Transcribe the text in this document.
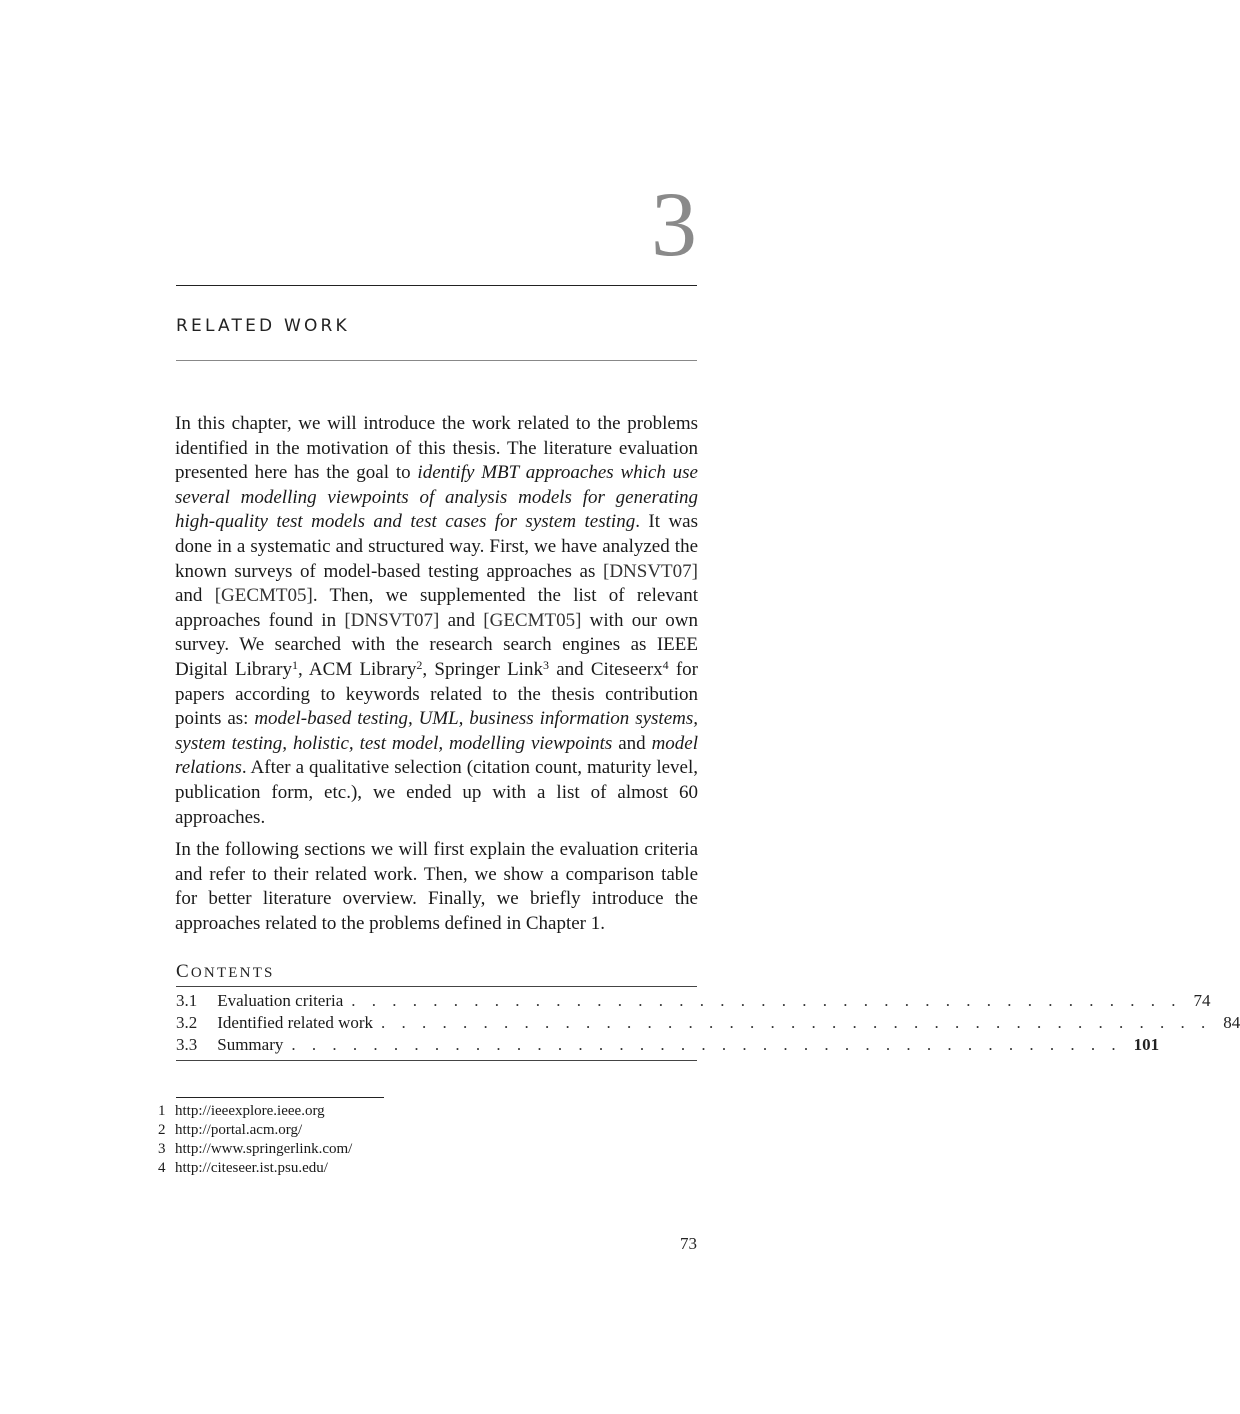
3
RELATED WORK

In this chapter, we will introduce the work related to the problems identified in the motivation of this thesis. The literature evaluation presented here has the goal to identify MBT approaches which use several modelling viewpoints of analysis models for generating high-quality test models and test cases for system testing. It was done in a systematic and structured way. First, we have analyzed the known surveys of model-based testing approaches as [DNSVT07] and [GECMT05]. Then, we supplemented the list of relevant approaches found in [DNSVT07] and [GECMT05] with our own survey. We searched with the research search engines as IEEE Digital Library$^1$, ACM Library$^2$, Springer Link$^3$ and Citeseerx$^4$ for papers according to keywords related to the thesis contribution points as: model-based testing, UML, business information systems, system testing, holistic, test model, modelling viewpoints and model relations. After a qualitative selection (citation count, maturity level, publication form, etc.), we ended up with a list of almost 60 approaches.

In the following sections we will first explain the evaluation criteria and refer to their related work. Then, we show a comparison table for better literature overview. Finally, we briefly introduce the approaches related to the problems defined in Chapter 1.

CONTENTS
3.1 Evaluation criteria . . . . . . . . . . . . . . . . . . . . . . . . . . . . . . . . . . . . . . . . . 74
3.2 Identified related work . . . . . . . . . . . . . . . . . . . . . . . . . . . . . . . . . . . . . . . . . 84
3.3 Summary . . . . . . . . . . . . . . . . . . . . . . . . . . . . . . . . . . . . . . . . . 101
1 http://ieeexplore.ieee.org
2 http://portal.acm.org/
3 http://www.springerlink.com/
4 http://citeseer.ist.psu.edu/
73
